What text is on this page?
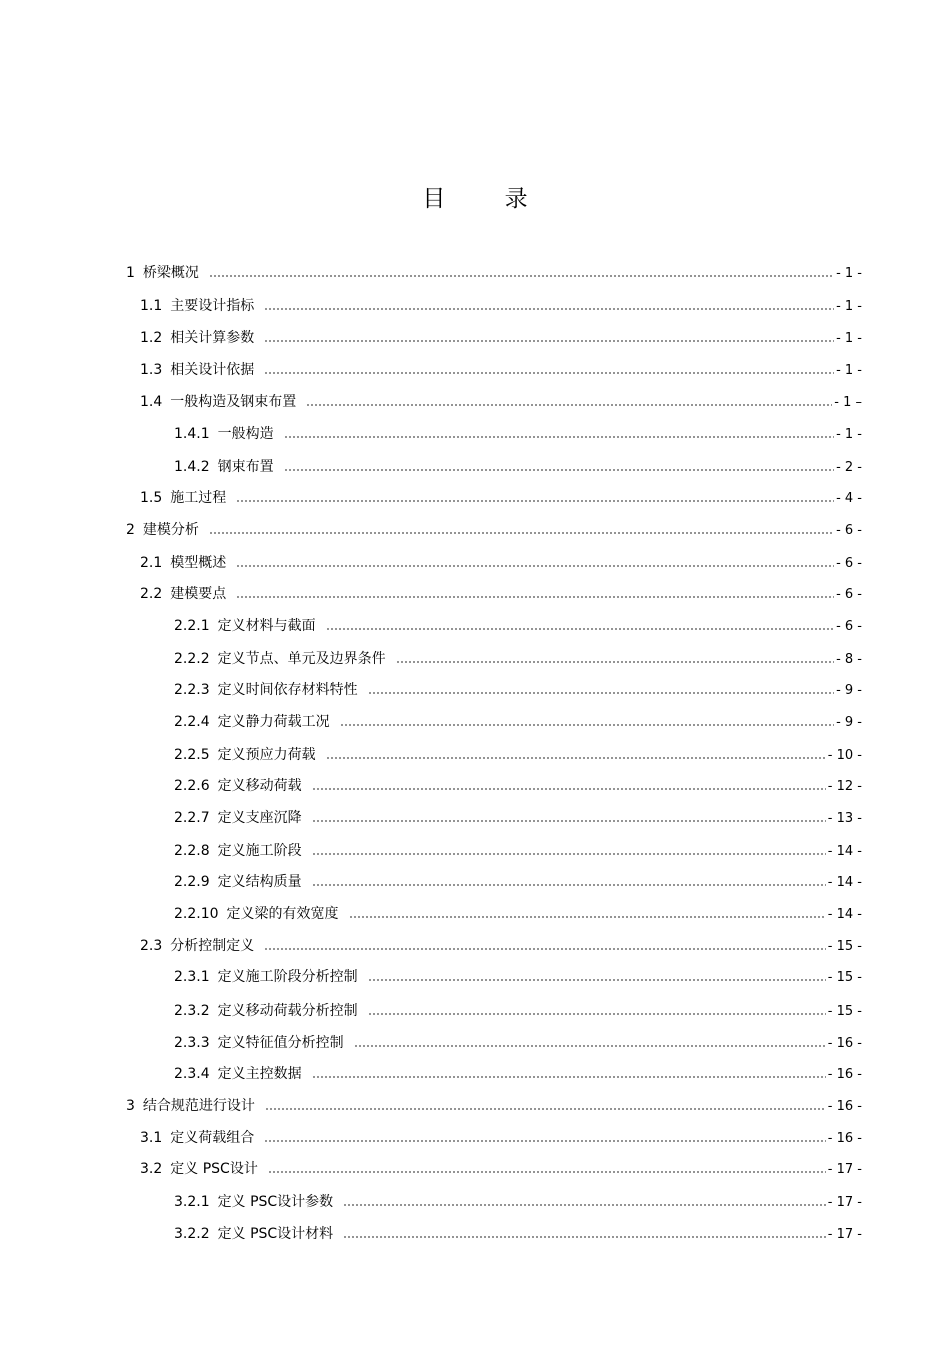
目 录
1 桥梁概况	- 1 -
1.1 主要设计指标	- 1 -
1.2 相关计算参数	- 1 -
1.3 相关设计依据	- 1 -
1.4 一般构造及钢束布置	- 1 –
1.4.1 一般构造	- 1 -
1.4.2 钢束布置	- 2 -
1.5 施工过程	- 4 -
2 建模分析	- 6 -
2.1 模型概述	- 6 -
2.2 建模要点	- 6 -
2.2.1 定义材料与截面	- 6 -
2.2.2 定义节点、单元及边界条件	- 8 -
2.2.3 定义时间依存材料特性	- 9 -
2.2.4 定义静力荷载工况	- 9 -
2.2.5 定义预应力荷载	- 10 -
2.2.6 定义移动荷载	- 12 -
2.2.7 定义支座沉降	- 13 -
2.2.8 定义施工阶段	- 14 -
2.2.9 定义结构质量	- 14 -
2.2.10 定义梁的有效宽度	- 14 -
2.3 分析控制定义	- 15 -
2.3.1 定义施工阶段分析控制	- 15 -
2.3.2 定义移动荷载分析控制	- 15 -
2.3.3 定义特征值分析控制	- 16 -
2.3.4 定义主控数据	- 16 -
3 结合规范进行设计	- 16 -
3.1 定义荷载组合	- 16 -
3.2 定义 PSC设计	- 17 -
3.2.1 定义 PSC设计参数	- 17 -
3.2.2 定义 PSC设计材料	- 17 -
